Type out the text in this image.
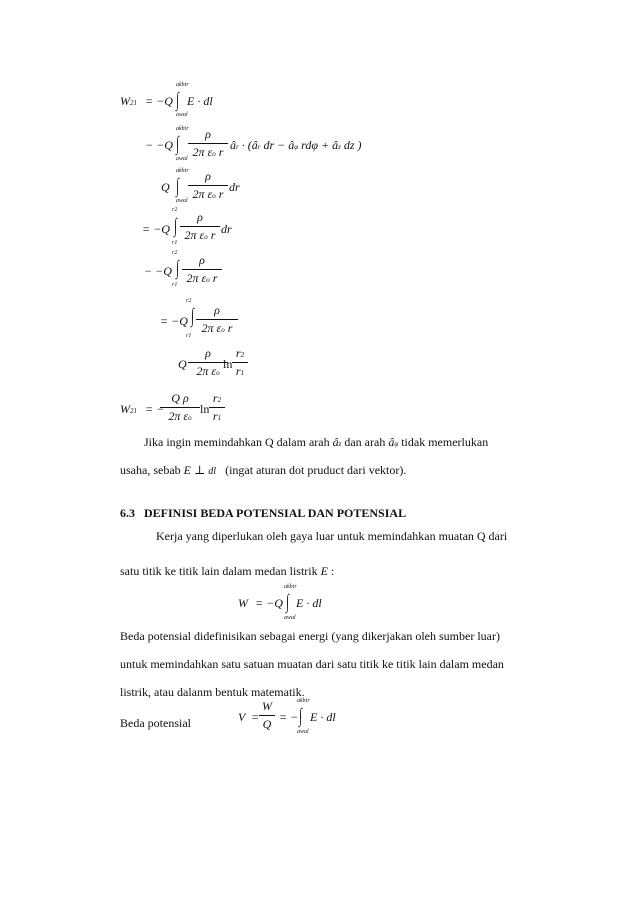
W21 = −Q
akhir
∫
awal
E · dl
− −Q
akhir
∫
awal
ρ
2π εo r âr · (âr dr − âφ rdφ + âz dz )
Q
akhir
∫
awal
ρ
2π εo r dr
= −Q
r2
∫
r1
ρ
2π εo r dr
− −Q
r2
∫
r1
ρ
2π εo r
= −Q
r2
∫
r1
ρ
2π εo r
Q
ρ
2π εo
ln
r2
r1
W21 = −
Q ρ
2π εo
ln
r2
r1
Jika ingin memindahkan Q dalam arah âz dan arah âφ tidak memerlukan
usaha, sebab E ⊥ dl (ingat aturan dot pruduct dari vektor).
6.3 DEFINISI BEDA POTENSIAL DAN POTENSIAL
Kerja yang diperlukan oleh gaya luar untuk memindahkan muatan Q dari
satu titik ke titik lain dalam medan listrik E :
W = −Q
akhir
∫
awal
E · dl
Beda potensial didefinisikan sebagai energi (yang dikerjakan oleh sumber luar)
untuk memindahkan satu satuan muatan dari satu titik ke titik lain dalam medan
listrik, atau dalanm bentuk matematik.
Beda potensial	V =
W
Q = −
akhir
∫
awal
E · dl
